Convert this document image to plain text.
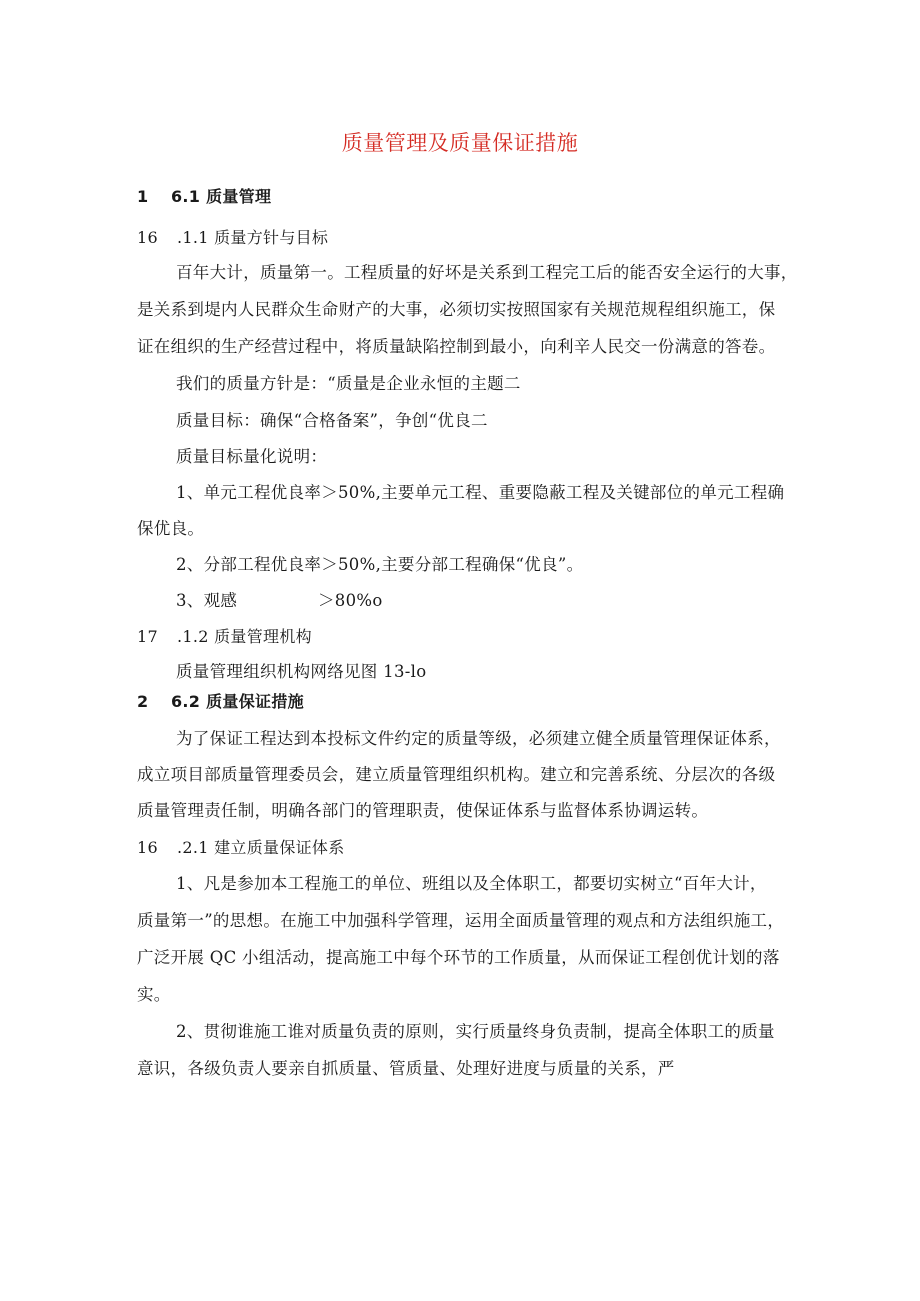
质量管理及质量保证措施
1 6.1 质量管理
16 .1.1 质量方针与目标
百年大计，质量第一。工程质量的好坏是关系到工程完工后的能否安全运行的大事，
是关系到堤内人民群众生命财产的大事，必须切实按照国家有关规范规程组织施工，保
证在组织的生产经营过程中，将质量缺陷控制到最小，向利辛人民交一份满意的答卷。
我们的质量方针是：“质量是企业永恒的主题二
质量目标：确保“合格备案”，争创“优良二
质量目标量化说明：
1、单元工程优良率＞50%,主要单元工程、重要隐蔽工程及关键部位的单元工程确
保优良。
2、分部工程优良率＞50%,主要分部工程确保“优良”。
3、观感	＞80%o
17 .1.2 质量管理机构
质量管理组织机构网络见图 13-lo
2 6.2 质量保证措施
为了保证工程达到本投标文件约定的质量等级，必须建立健全质量管理保证体系，
成立项目部质量管理委员会，建立质量管理组织机构。建立和完善系统、分层次的各级
质量管理责任制，明确各部门的管理职责，使保证体系与监督体系协调运转。
16 .2.1 建立质量保证体系
1、凡是参加本工程施工的单位、班组以及全体职工，都要切实树立“百年大计，
质量第一”的思想。在施工中加强科学管理，运用全面质量管理的观点和方法组织施工，
广泛开展 QC 小组活动，提高施工中每个环节的工作质量，从而保证工程创优计划的落
实。
2、贯彻谁施工谁对质量负责的原则，实行质量终身负责制，提高全体职工的质量
意识，各级负责人要亲自抓质量、管质量、处理好进度与质量的关系，严
